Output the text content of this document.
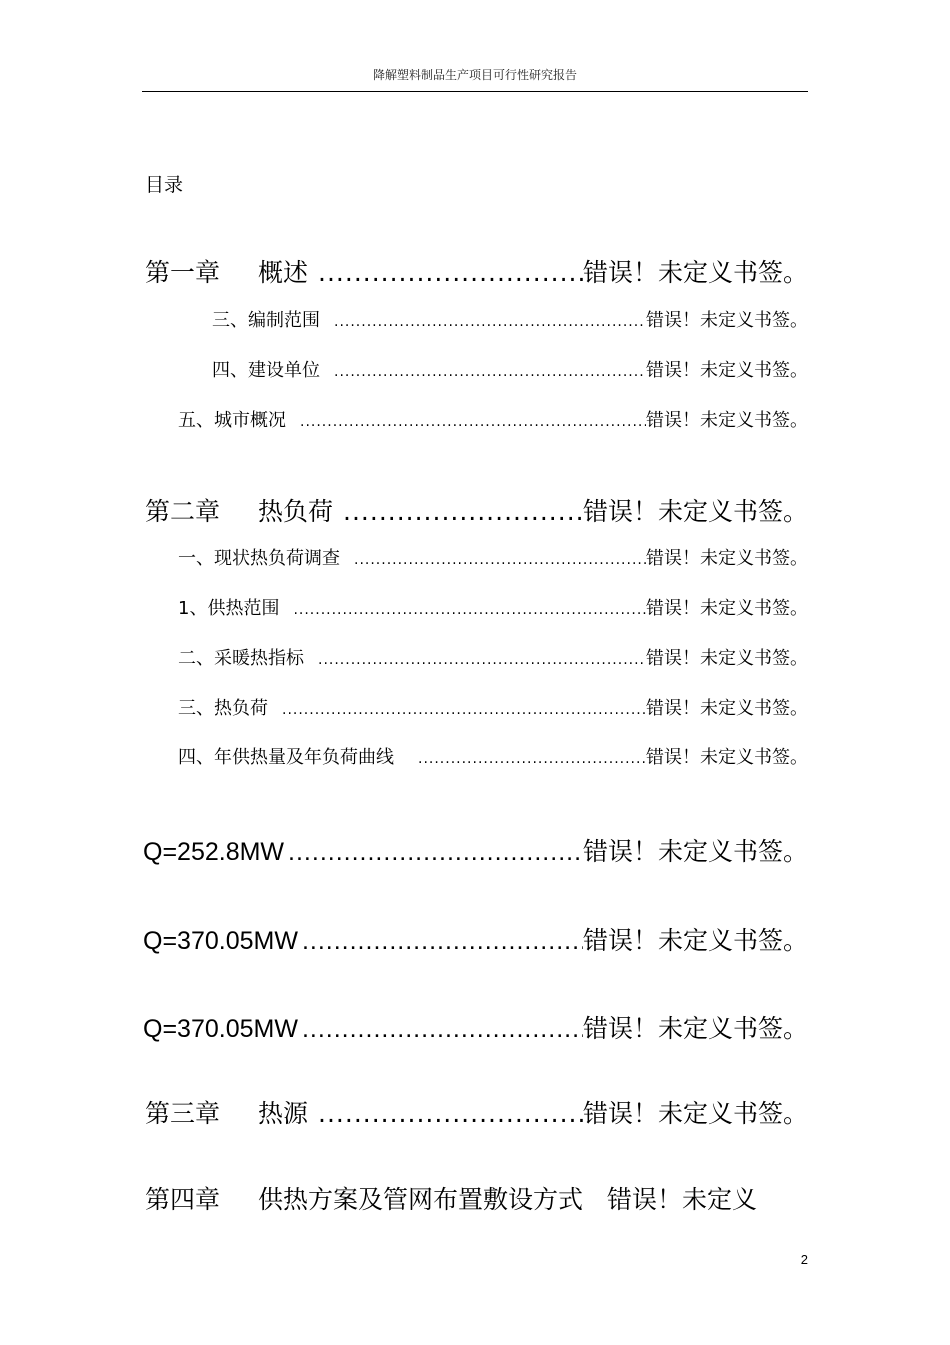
降解塑料制品生产项目可行性研究报告
目录
第一章 概述 .....	错误！未定义书签。
三、编制范围 .....	错误！未定义书签。
四、建设单位 .....	错误！未定义书签。
五、城市概况 .....	错误！未定义书签。
第二章 热负荷 .....	错误！未定义书签。
一、现状热负荷调查 .....	错误！未定义书签。
1、供热范围 .....	错误！未定义书签。
二、采暖热指标 .....	错误！未定义书签。
三、热负荷 .....	错误！未定义书签。
四、年供热量及年负荷曲线 .....	错误！未定义书签。
Q=252.8MW .....	错误！未定义书签。
Q=370.05MW .....	错误！未定义书签。
Q=370.05MW .....	错误！未定义书签。
第三章 热源 .....	错误！未定义书签。
第四章 供热方案及管网布置敷设方式 错误！未定义
2
